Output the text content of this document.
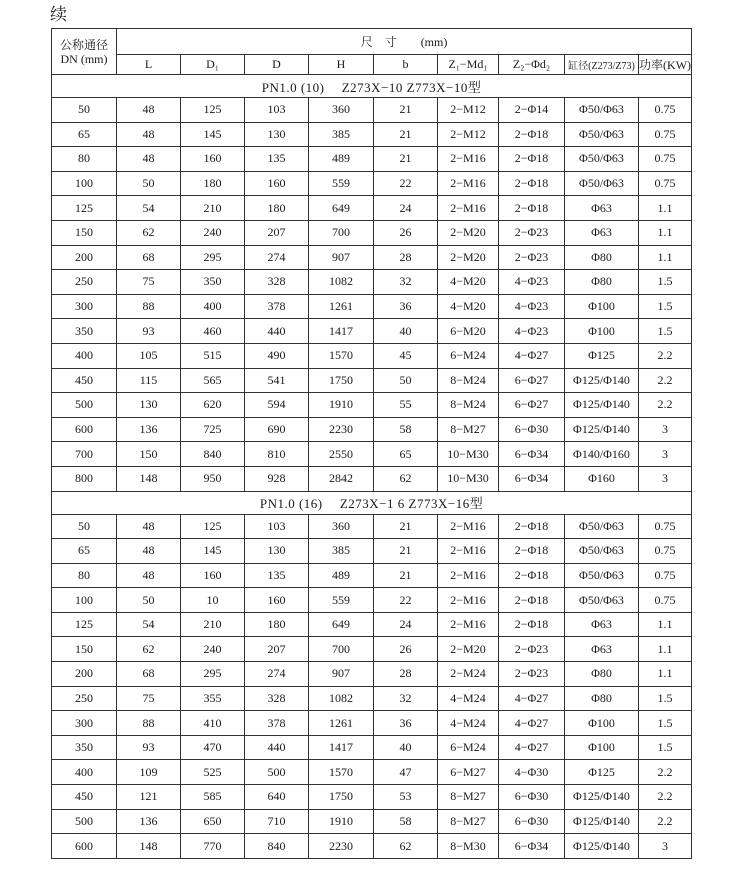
续
公称通径
DN (mm)	尺　寸　　(mm)								
	L	D₁	D	H	b	Z₁−Md₁	Z₂−Φd₂	缸径(Z273/Z73)	功率(KW)
PN1.0 (10)　 Z273X−10 Z773X−10型									
50	48	125	103	360	21	2−M12	2−Φ14	Φ50/Φ63	0.75
65	48	145	130	385	21	2−M12	2−Φ18	Φ50/Φ63	0.75
80	48	160	135	489	21	2−M16	2−Φ18	Φ50/Φ63	0.75
100	50	180	160	559	22	2−M16	2−Φ18	Φ50/Φ63	0.75
125	54	210	180	649	24	2−M16	2−Φ18	Φ63	1.1
150	62	240	207	700	26	2−M20	2−Φ23	Φ63	1.1
200	68	295	274	907	28	2−M20	2−Φ23	Φ80	1.1
250	75	350	328	1082	32	4−M20	4−Φ23	Φ80	1.5
300	88	400	378	1261	36	4−M20	4−Φ23	Φ100	1.5
350	93	460	440	1417	40	6−M20	4−Φ23	Φ100	1.5
400	105	515	490	1570	45	6−M24	4−Φ27	Φ125	2.2
450	115	565	541	1750	50	8−M24	6−Φ27	Φ125/Φ140	2.2
500	130	620	594	1910	55	8−M24	6−Φ27	Φ125/Φ140	2.2
600	136	725	690	2230	58	8−M27	6−Φ30	Φ125/Φ140	3
700	150	840	810	2550	65	10−M30	6−Φ34	Φ140/Φ160	3
800	148	950	928	2842	62	10−M30	6−Φ34	Φ160	3
PN1.0 (16)　 Z273X−1 6 Z773X−16型									
50	48	125	103	360	21	2−M16	2−Φ18	Φ50/Φ63	0.75
65	48	145	130	385	21	2−M16	2−Φ18	Φ50/Φ63	0.75
80	48	160	135	489	21	2−M16	2−Φ18	Φ50/Φ63	0.75
100	50	10	160	559	22	2−M16	2−Φ18	Φ50/Φ63	0.75
125	54	210	180	649	24	2−M16	2−Φ18	Φ63	1.1
150	62	240	207	700	26	2−M20	2−Φ23	Φ63	1.1
200	68	295	274	907	28	2−M24	2−Φ23	Φ80	1.1
250	75	355	328	1082	32	4−M24	4−Φ27	Φ80	1.5
300	88	410	378	1261	36	4−M24	4−Φ27	Φ100	1.5
350	93	470	440	1417	40	6−M24	4−Φ27	Φ100	1.5
400	109	525	500	1570	47	6−M27	4−Φ30	Φ125	2.2
450	121	585	640	1750	53	8−M27	6−Φ30	Φ125/Φ140	2.2
500	136	650	710	1910	58	8−M27	6−Φ30	Φ125/Φ140	2.2
600	148	770	840	2230	62	8−M30	6−Φ34	Φ125/Φ140	3
